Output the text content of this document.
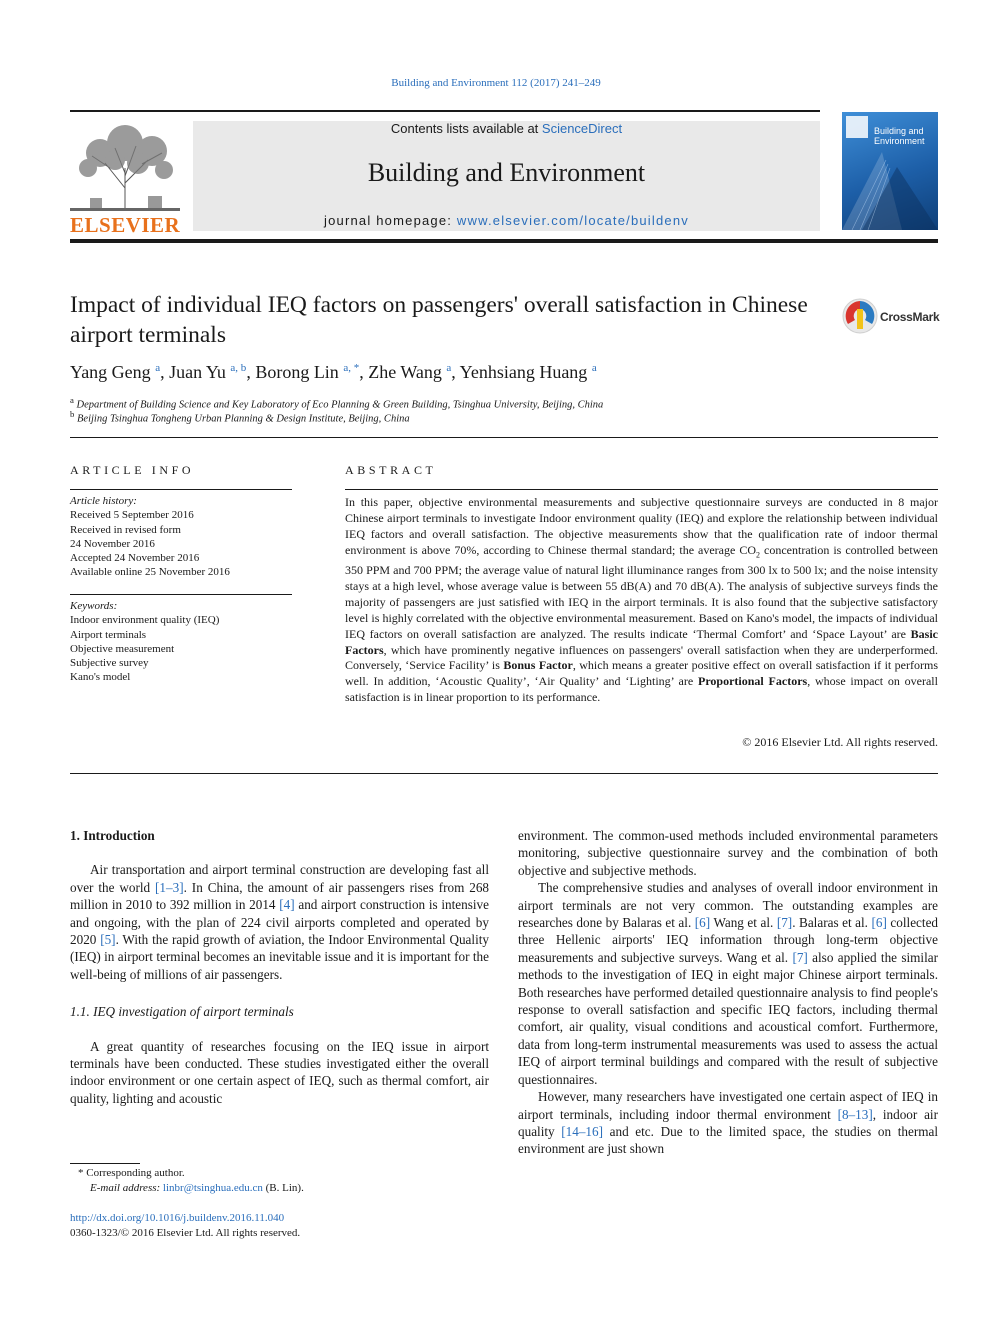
Building and Environment 112 (2017) 241–249
ELSEVIER
Contents lists available at ScienceDirect
Building and Environment
journal homepage: www.elsevier.com/locate/buildenv
Building and Environment
Impact of individual IEQ factors on passengers' overall satisfaction in Chinese airport terminals
CrossMark
Yang Geng $^a$, Juan Yu $^{a, b}$, Borong Lin $^{a, *}$, Zhe Wang $^a$, Yenhsiang Huang $^a$
$^a$ Department of Building Science and Key Laboratory of Eco Planning & Green Building, Tsinghua University, Beijing, China
$^b$ Beijing Tsinghua Tongheng Urban Planning & Design Institute, Beijing, China
ARTICLE INFO
Article history:
Received 5 September 2016
Received in revised form
24 November 2016
Accepted 24 November 2016
Available online 25 November 2016
Keywords:
Indoor environment quality (IEQ)
Airport terminals
Objective measurement
Subjective survey
Kano's model
ABSTRACT
In this paper, objective environmental measurements and subjective questionnaire surveys are conducted in 8 major Chinese airport terminals to investigate Indoor environment quality (IEQ) and explore the relationship between individual IEQ factors and overall satisfaction. The objective measurements show that the qualification rate of indoor thermal environment is above 70%, according to Chinese thermal standard; the average $CO_2$ concentration is controlled between 350 PPM and 700 PPM; the average value of natural light illuminance ranges from 300 lx to 500 lx; and the noise intensity stays at a high level, whose average value is between 55 dB(A) and 70 dB(A). The analysis of subjective surveys finds the majority of passengers are just satisfied with IEQ in the airport terminals. It is also found that the subjective satisfactory level is highly correlated with the objective environmental measurement. Based on Kano's model, the impacts of individual IEQ factors on overall satisfaction are analyzed. The results indicate ‘Thermal Comfort’ and ‘Space Layout’ are Basic Factors, which have prominently negative influences on passengers' overall satisfaction when they are underperformed. Conversely, ‘Service Facility’ is Bonus Factor, which means a greater positive effect on overall satisfaction if it performs well. In addition, ‘Acoustic Quality’, ‘Air Quality’ and ‘Lighting’ are Proportional Factors, whose impact on overall satisfaction is in linear proportion to its performance.
© 2016 Elsevier Ltd. All rights reserved.
1. Introduction

Air transportation and airport terminal construction are developing fast all over the world [1–3]. In China, the amount of air passengers rises from 268 million in 2010 to 392 million in 2014 [4] and airport construction is intensive and ongoing, with the plan of 224 civil airports completed and operated by 2020 [5]. With the rapid growth of aviation, the Indoor Environmental Quality (IEQ) in airport terminal becomes an inevitable issue and it is important for the well-being of millions of air passengers.

1.1. IEQ investigation of airport terminals

A great quantity of researches focusing on the IEQ issue in airport terminals have been conducted. These studies investigated either the overall indoor environment or one certain aspect of IEQ, such as thermal comfort, air quality, lighting and acoustic

environment. The common-used methods included environmental parameters monitoring, subjective questionnaire survey and the combination of both objective and subjective methods.

The comprehensive studies and analyses of overall indoor environment in airport terminals are not very common. The outstanding examples are researches done by Balaras et al. [6] Wang et al. [7]. Balaras et al. [6] collected three Hellenic airports' IEQ information through long-term objective measurements and subjective surveys. Wang et al. [7] also applied the similar methods to the investigation of IEQ in eight major Chinese airport terminals. Both researches have performed detailed questionnaire analysis to find people's response to overall satisfaction and specific IEQ factors, including thermal comfort, air quality, visual conditions and acoustical comfort. Furthermore, data from long-term instrumental measurements was used to assess the actual IEQ of airport terminal buildings and compared with the result of subjective questionnaires.

However, many researchers have investigated one certain aspect of IEQ in airport terminals, including indoor thermal environment [8–13], indoor air quality [14–16] and etc. Due to the limited space, the studies on thermal environment are just shown

* Corresponding author.
E-mail address: linbr@tsinghua.edu.cn (B. Lin).
http://dx.doi.org/10.1016/j.buildenv.2016.11.040
0360-1323/© 2016 Elsevier Ltd. All rights reserved.
